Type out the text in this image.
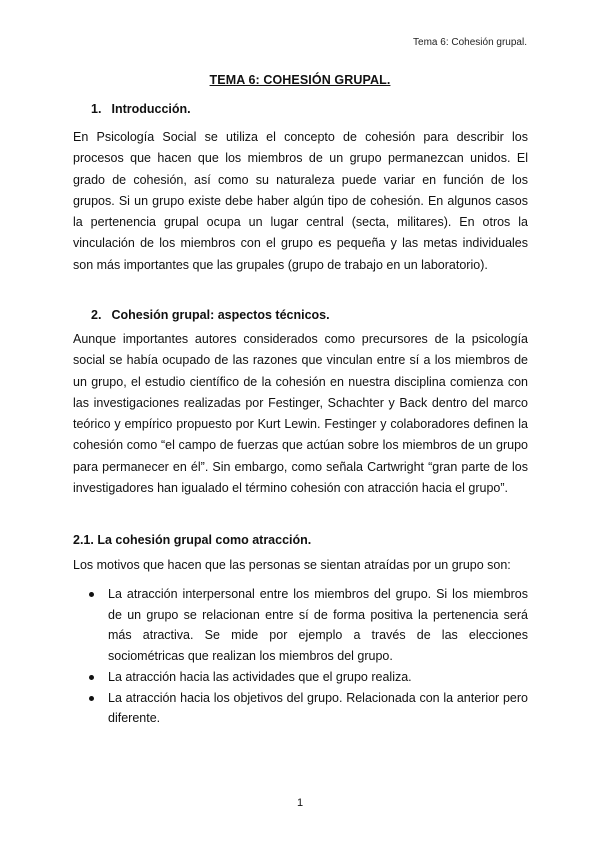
Tema 6: Cohesión grupal.
TEMA 6: COHESIÓN GRUPAL.
1. Introducción.

En Psicología Social se utiliza el concepto de cohesión para describir los procesos que hacen que los miembros de un grupo permanezcan unidos. El grado de cohesión, así como su naturaleza puede variar en función de los grupos. Si un grupo existe debe haber algún tipo de cohesión. En algunos casos la pertenencia grupal ocupa un lugar central (secta, militares). En otros la vinculación de los miembros con el grupo es pequeña y las metas individuales son más importantes que las grupales (grupo de trabajo en un laboratorio).

2. Cohesión grupal: aspectos técnicos.

Aunque importantes autores considerados como precursores de la psicología social se había ocupado de las razones que vinculan entre sí a los miembros de un grupo, el estudio científico de la cohesión en nuestra disciplina comienza con las investigaciones realizadas por Festinger, Schachter y Back dentro del marco teórico y empírico propuesto por Kurt Lewin. Festinger y colaboradores definen la cohesión como “el campo de fuerzas que actúan sobre los miembros de un grupo para permanecer en él”. Sin embargo, como señala Cartwright “gran parte de los investigadores han igualado el término cohesión con atracción hacia el grupo”.

2.1. La cohesión grupal como atracción.
Los motivos que hacen que las personas se sientan atraídas por un grupo son:
La atracción interpersonal entre los miembros del grupo. Si los miembros de un grupo se relacionan entre sí de forma positiva la pertenencia será más atractiva. Se mide por ejemplo a través de las elecciones sociométricas que realizan los miembros del grupo.
La atracción hacia las actividades que el grupo realiza.
La atracción hacia los objetivos del grupo. Relacionada con la anterior pero diferente.
1
